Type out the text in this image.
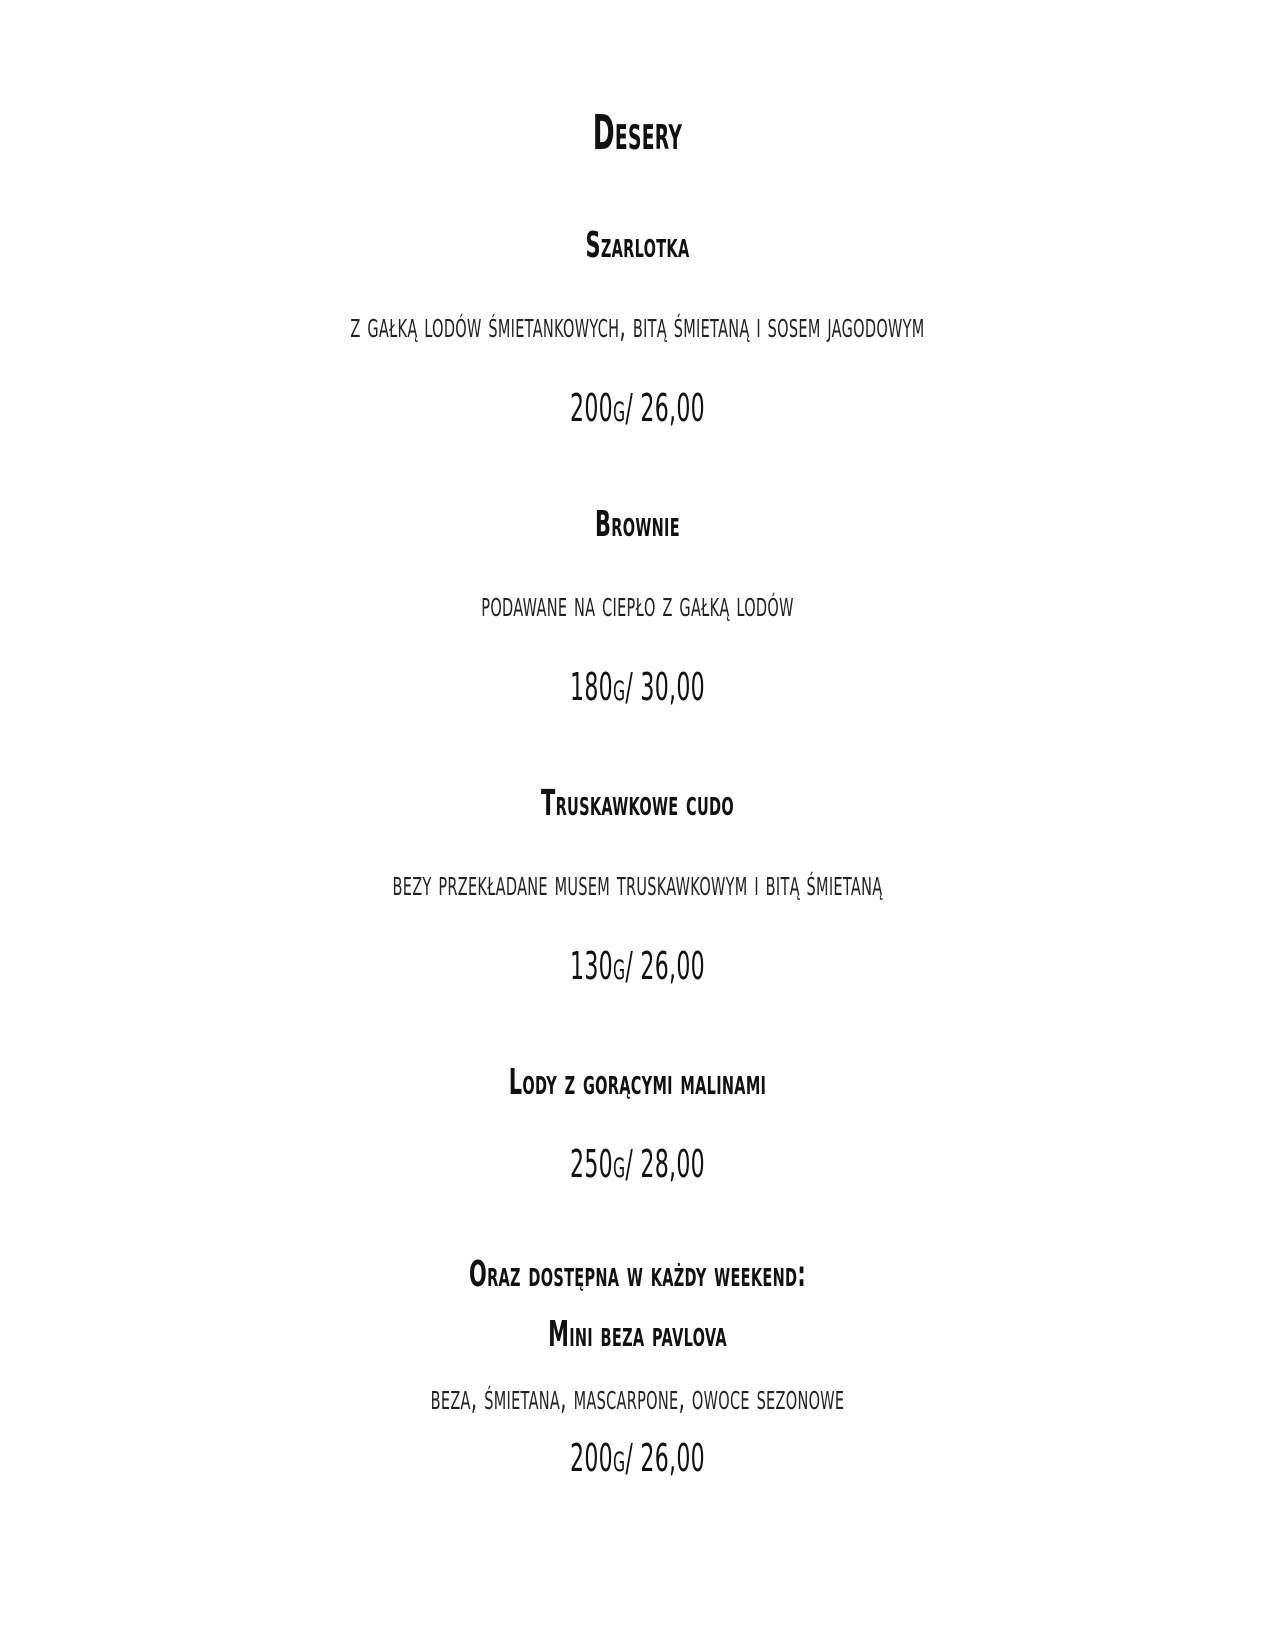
Desery
Szarlotka
z gałką lodów śmietankowych, bitą śmietaną i sosem jagodowym
200g/ 26,00
Brownie
podawane na ciepło z gałką lodów
180g/ 30,00
Truskawkowe cudo
bezy przekładane musem truskawkowym i bitą śmietaną
130g/ 26,00
Lody z gorącymi malinami
250g/ 28,00
Oraz dostępna w każdy weekend:
Mini beza pavlova
beza, śmietana, mascarpone, owoce sezonowe
200g/ 26,00
